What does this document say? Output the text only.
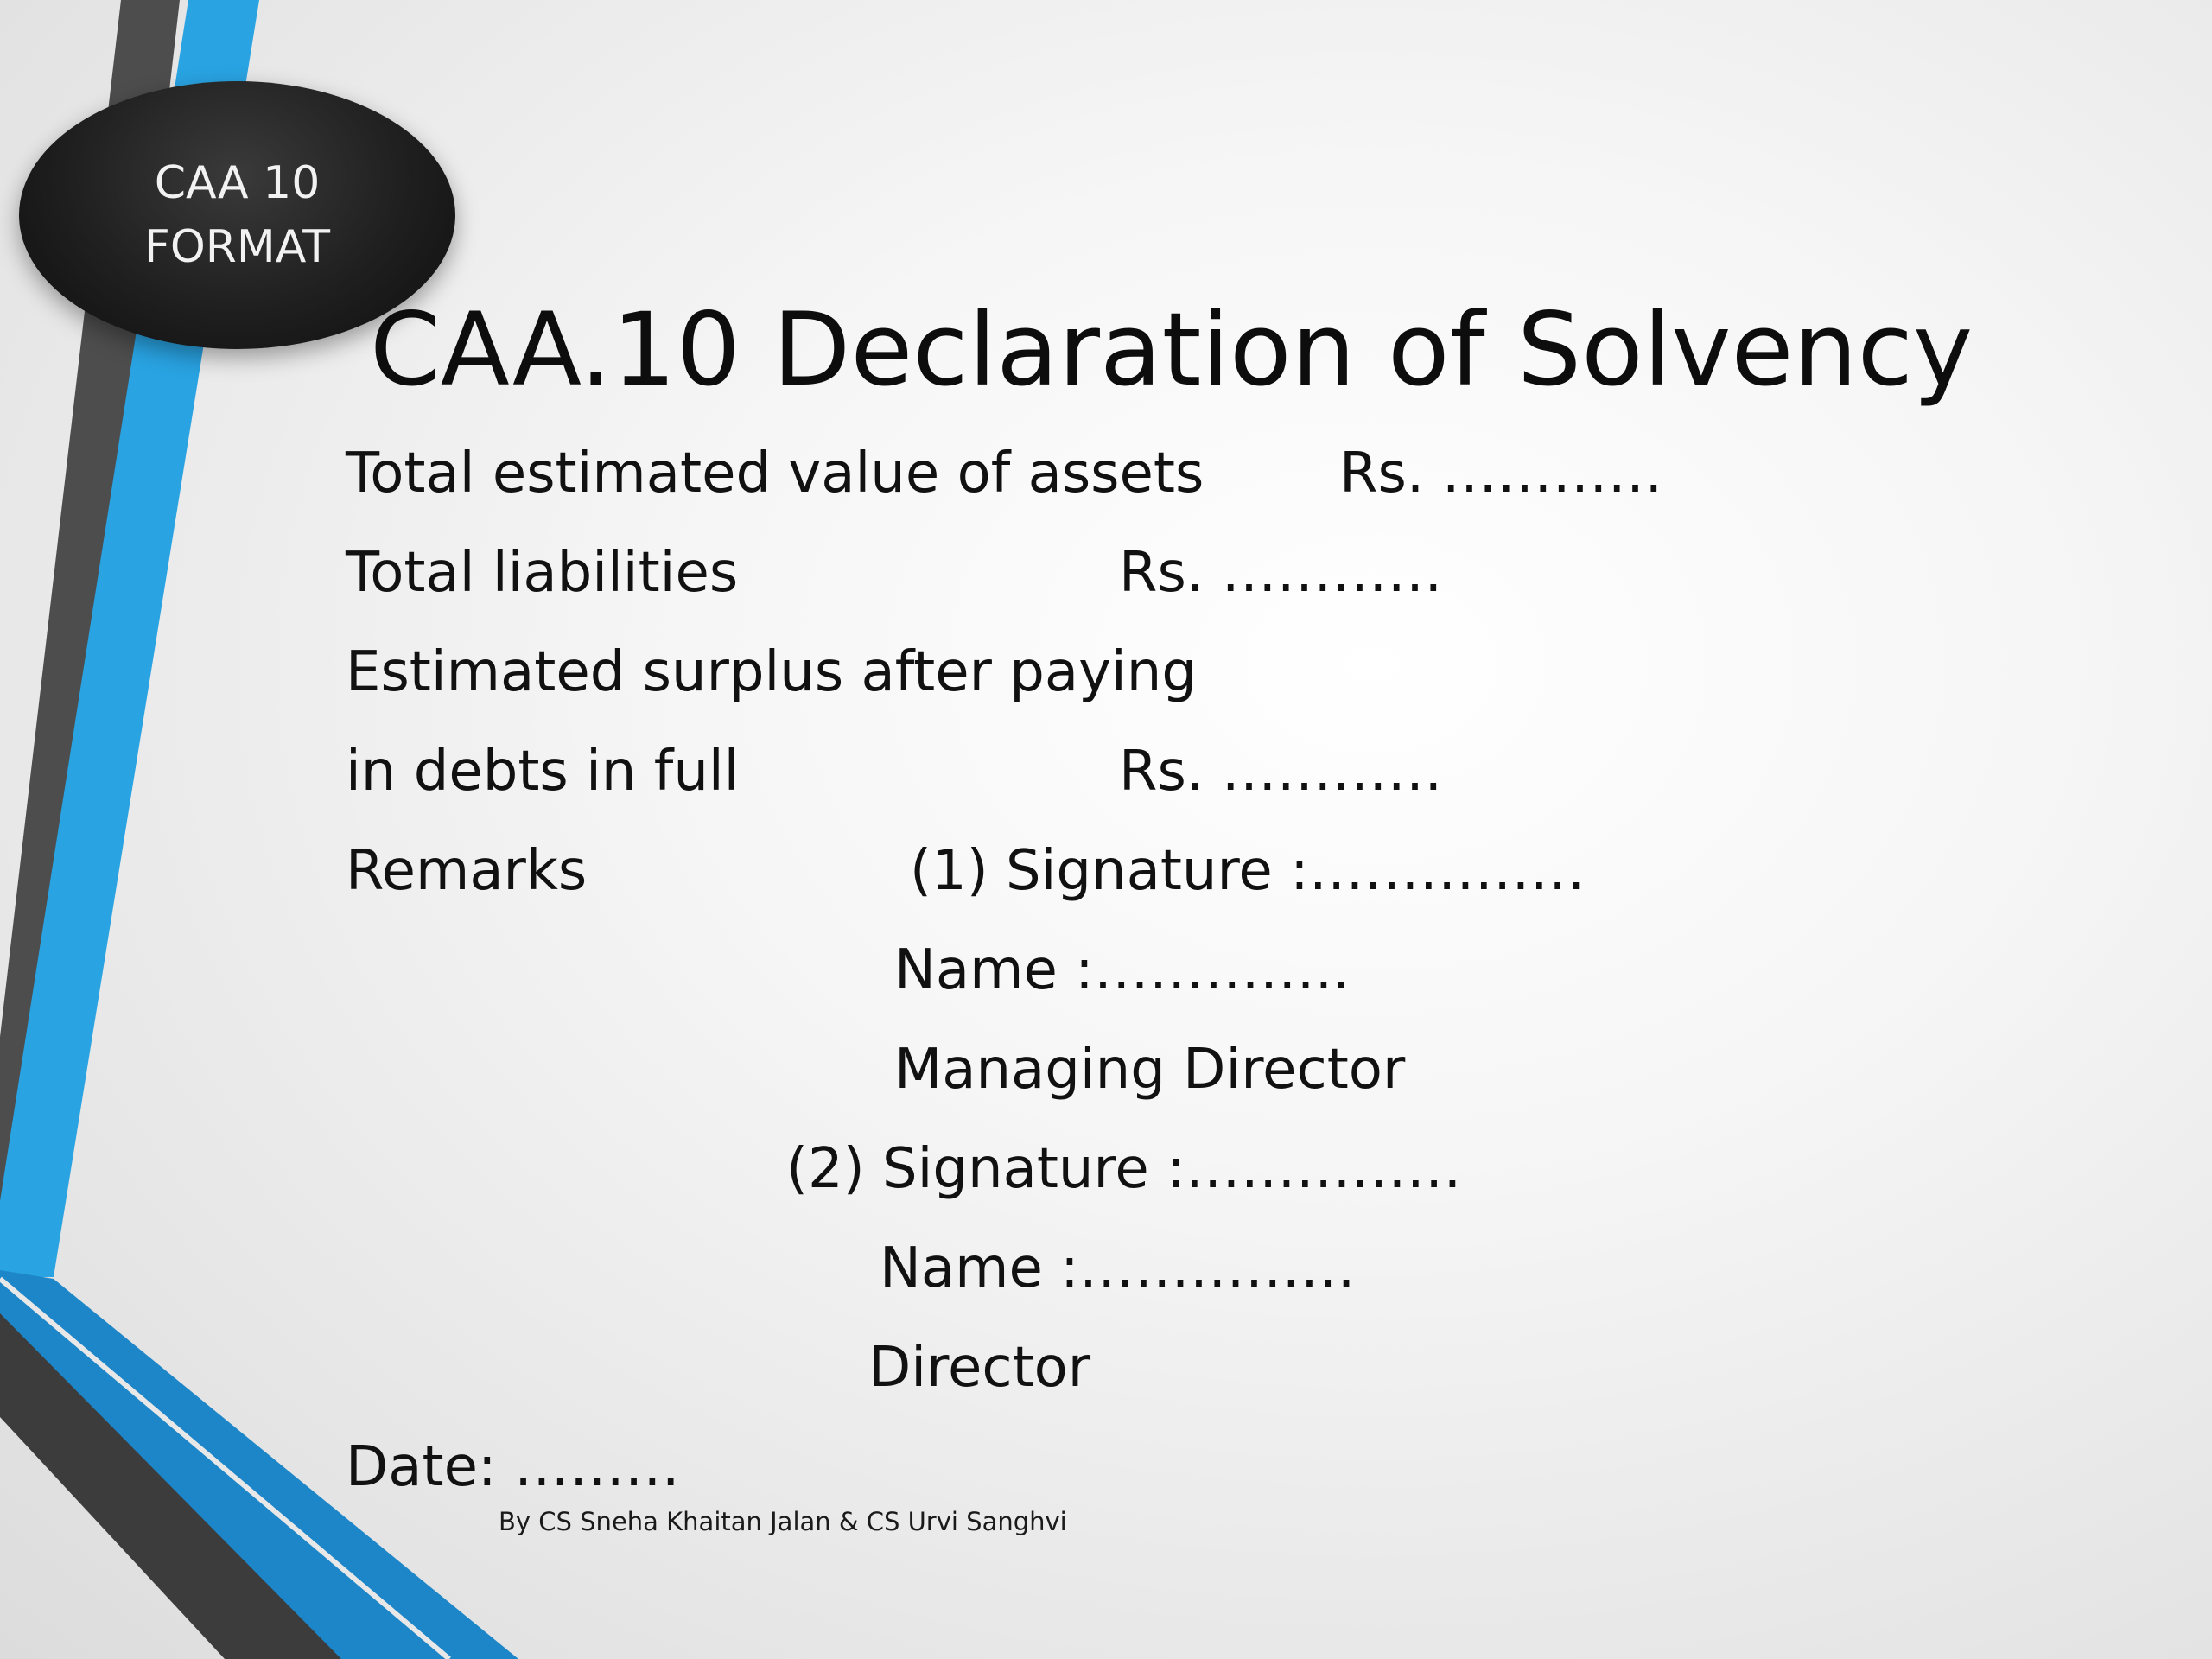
CAA 10
FORMAT
CAA.10 Declaration of Solvency
Total estimated value of assets Rs. …………
Total liabilities	Rs. …………
Estimated surplus after paying
in debts in full	Rs. …………
Remarks	(1) Signature :……………
Name :…………..
Managing Director
(2) Signature :……………
Name :……………
Director
Date: ………
By CS Sneha Khaitan Jalan & CS Urvi Sanghvi
